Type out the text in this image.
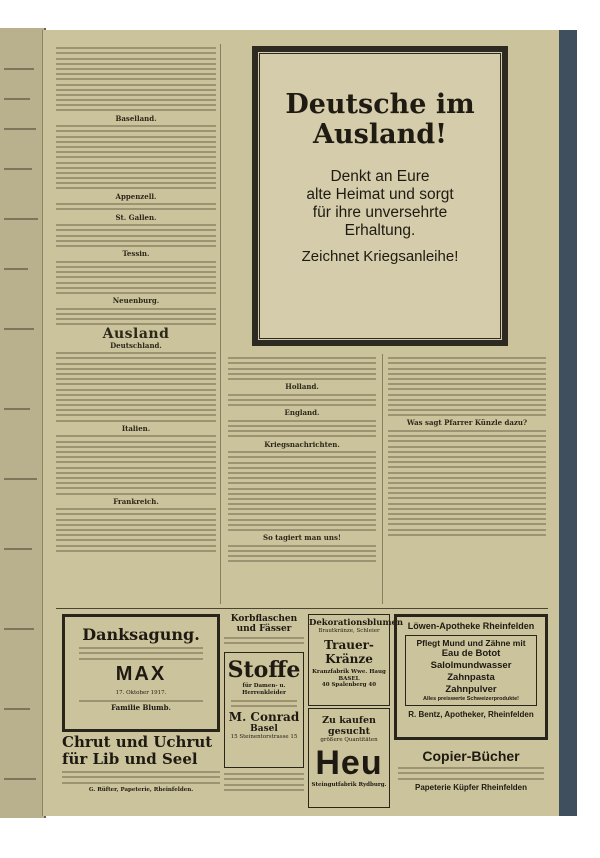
Baselland.
Appenzell.
St. Gallen.
Tessin.
Neuenburg.
Ausland
Deutschland.
Italien.
Frankreich.
Deutsche im Ausland!
Denkt an Eure
alte Heimat und sorgt
für ihre unversehrte
Erhaltung.
Zeichnet Kriegsanleihe!
Holland.
England.
Kriegsnachrichten.
So tagiert man uns!
Was sagt Pfarrer Künzle dazu?
Danksagung.
MAX
17. Oktober 1917.
Familie Blumb.
Chrut und Uchrut für Lib und Seel
G. Rüfter, Papeterie, Rheinfelden.
Korbflaschen und Fässer
Stoffe
für Damen- u. Herrenkleider
M. Conrad
Basel
15 Steinentorstrasse 15
Dekorationsblumen
Brautkränze, Schleier
Trauer-Kränze
Kranzfabrik Wwe. Haug
BASEL
40 Spalenberg 40
Zu kaufen gesucht
größere Quantitäten
Heu
Steingutfabrik Rydburg.
Löwen-Apotheke Rheinfelden
Pflegt Mund und Zähne mit
Eau de Botot
Salolmundwasser
Zahnpasta
Zahnpulver
Alles preiswerte Schweizerprodukte!
R. Bentz, Apotheker, Rheinfelden
Copier-Bücher
Papeterie Küpfer Rheinfelden
